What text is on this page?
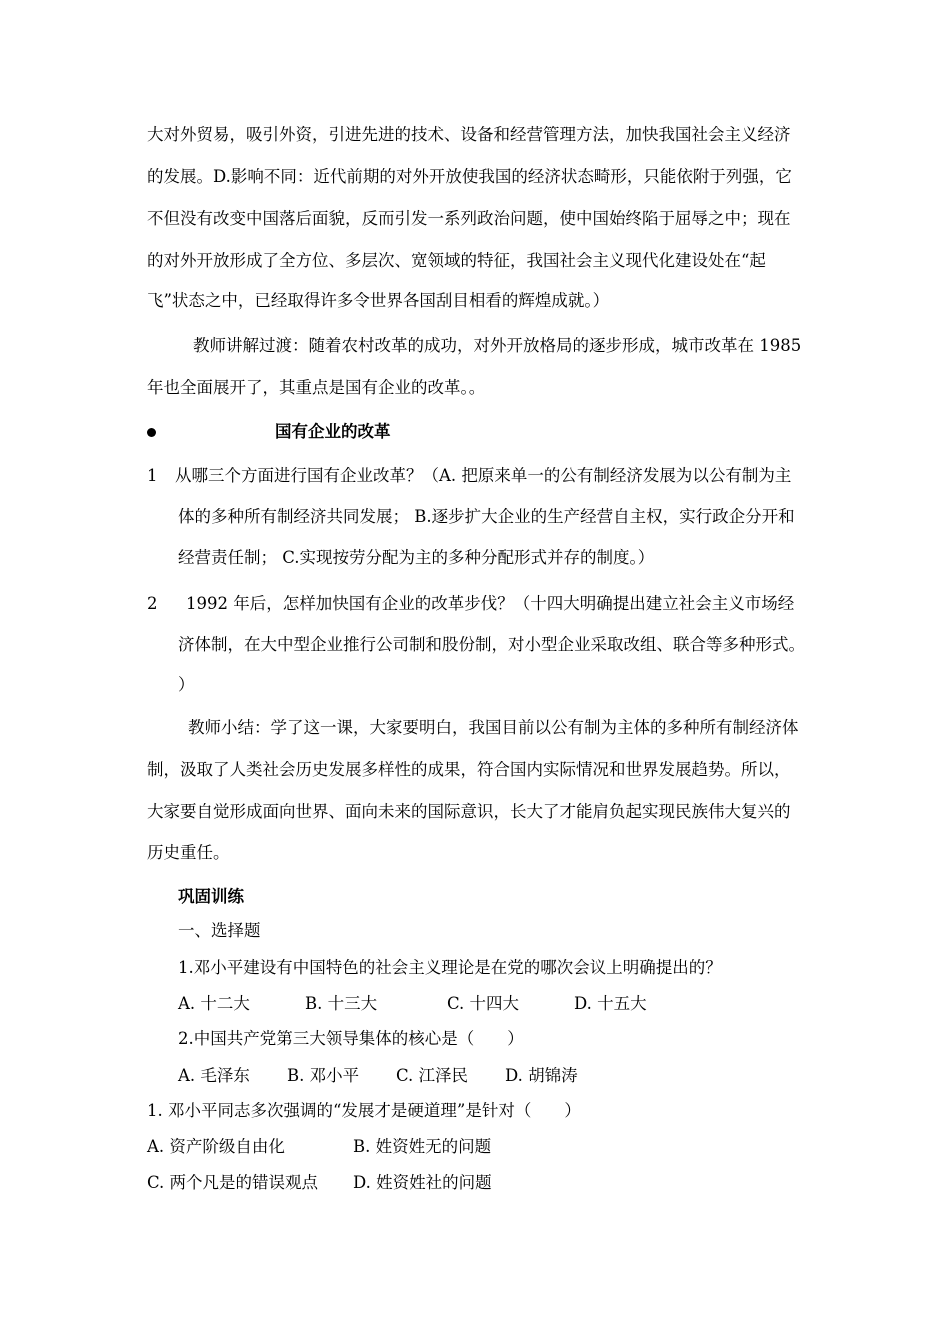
大对外贸易，吸引外资，引进先进的技术、设备和经营管理方法，加快我国社会主义经济
的发展。D.影响不同：近代前期的对外开放使我国的经济状态畸形，只能依附于列强，它
不但没有改变中国落后面貌，反而引发一系列政治问题，使中国始终陷于屈辱之中；现在
的对外开放形成了全方位、多层次、宽领域的特征，我国社会主义现代化建设处在“起
飞”状态之中，已经取得许多令世界各国刮目相看的辉煌成就。）
教师讲解过渡：随着农村改革的成功，对外开放格局的逐步形成，城市改革在 1985
年也全面展开了，其重点是国有企业的改革。。
国有企业的改革
1 从哪三个方面进行国有企业改革？（A. 把原来单一的公有制经济发展为以公有制为主
体的多种所有制经济共同发展； B.逐步扩大企业的生产经营自主权，实行政企分开和
经营责任制； C.实现按劳分配为主的多种分配形式并存的制度。）
2 1992 年后，怎样加快国有企业的改革步伐？（十四大明确提出建立社会主义市场经
济体制，在大中型企业推行公司制和股份制，对小型企业采取改组、联合等多种形式。
）
教师小结：学了这一课，大家要明白，我国目前以公有制为主体的多种所有制经济体
制，汲取了人类社会历史发展多样性的成果，符合国内实际情况和世界发展趋势。所以，
大家要自觉形成面向世界、面向未来的国际意识，长大了才能肩负起实现民族伟大复兴的
历史重任。
巩固训练
一、选择题
1.邓小平建设有中国特色的社会主义理论是在党的哪次会议上明确提出的？
A. 十二大	B. 十三大	C. 十四大	D. 十五大
2.中国共产党第三大领导集体的核心是（　　）
A. 毛泽东 B. 邓小平 C. 江泽民 D. 胡锦涛
1. 邓小平同志多次强调的“发展才是硬道理”是针对（　　）
A. 资产阶级自由化	B. 姓资姓无的问题
C. 两个凡是的错误观点 D. 姓资姓社的问题
